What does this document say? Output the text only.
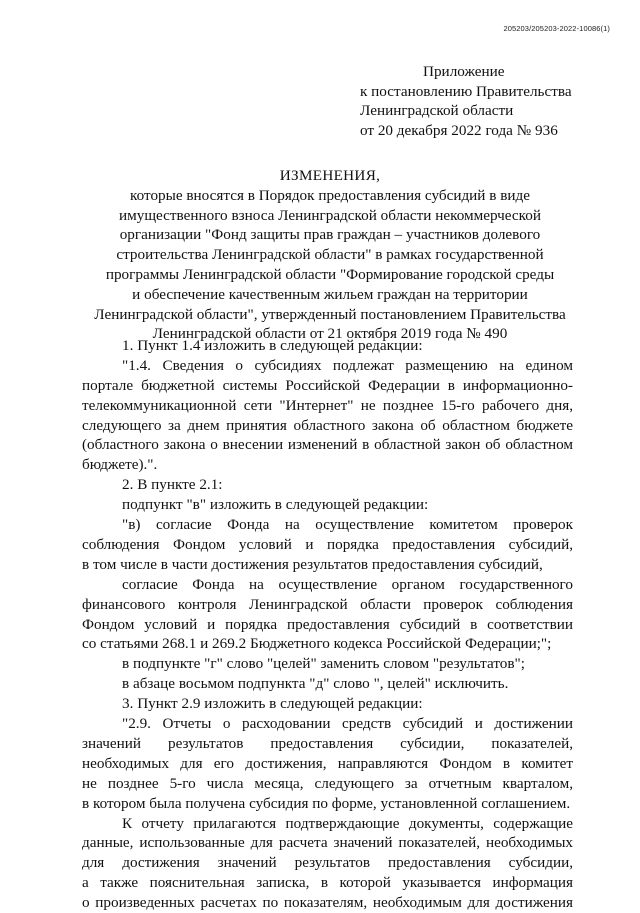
205203/205203-2022-10086(1)
Приложение
к постановлению Правительства
Ленинградской области
от 20 декабря 2022 года № 936
ИЗМЕНЕНИЯ,
которые вносятся в Порядок предоставления субсидий в виде
имущественного взноса Ленинградской области некоммерческой
организации "Фонд защиты прав граждан – участников долевого
строительства Ленинградской области" в рамках государственной
программы Ленинградской области "Формирование городской среды
и обеспечение качественным жильем граждан на территории
Ленинградской области", утвержденный постановлением Правительства
Ленинградской области от 21 октября 2019 года № 490
1. Пункт 1.4 изложить в следующей редакции:
"1.4. Сведения о субсидиях подлежат размещению на едином
портале бюджетной системы Российской Федерации в информационно-
телекоммуникационной сети "Интернет" не позднее 15-го рабочего дня,
следующего за днем принятия областного закона об областном бюджете
(областного закона о внесении изменений в областной закон об областном
бюджете).".
2. В пункте 2.1:
подпункт "в" изложить в следующей редакции:
"в) согласие Фонда на осуществление комитетом проверок
соблюдения Фондом условий и порядка предоставления субсидий,
в том числе в части достижения результатов предоставления субсидий,
согласие Фонда на осуществление органом государственного
финансового контроля Ленинградской области проверок соблюдения
Фондом условий и порядка предоставления субсидий в соответствии
со статьями 268.1 и 269.2 Бюджетного кодекса Российской Федерации;";
в подпункте "г" слово "целей" заменить словом "результатов";
в абзаце восьмом подпункта "д" слово ", целей" исключить.
3. Пункт 2.9 изложить в следующей редакции:
"2.9. Отчеты о расходовании средств субсидий и достижении
значений результатов предоставления субсидии, показателей,
необходимых для его достижения, направляются Фондом в комитет
не позднее 5-го числа месяца, следующего за отчетным кварталом,
в котором была получена субсидия по форме, установленной соглашением.
К отчету прилагаются подтверждающие документы, содержащие
данные, использованные для расчета значений показателей, необходимых
для достижения значений результатов предоставления субсидии,
а также пояснительная записка, в которой указывается информация
о произведенных расчетах по показателям, необходимым для достижения
